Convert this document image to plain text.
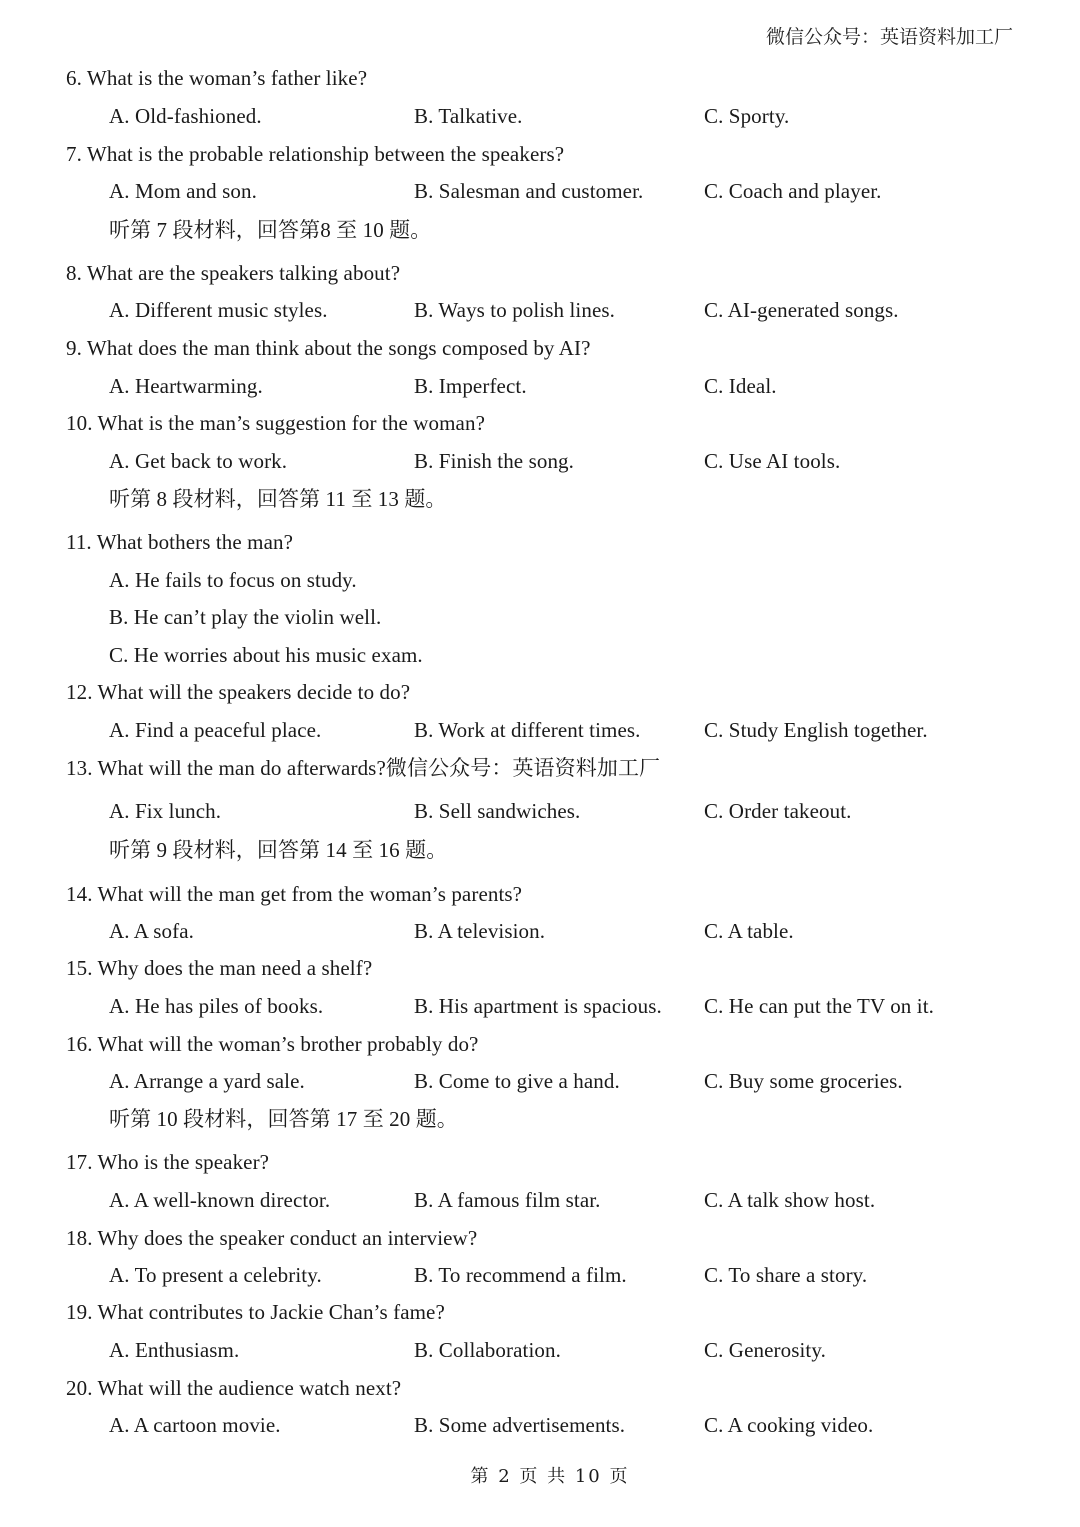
微信公众号：英语资料加工厂
6. What is the woman’s father like?
A. Old-fashioned.	B. Talkative.	C. Sporty.
7. What is the probable relationship between the speakers?
A. Mom and son.	B. Salesman and customer.	C. Coach and player.
听第 7 段材料，回答第8 至 10 题。
8. What are the speakers talking about?
A. Different music styles.	B. Ways to polish lines.	C. AI-generated songs.
9. What does the man think about the songs composed by AI?
A. Heartwarming.	B. Imperfect.	C. Ideal.
10. What is the man’s suggestion for the woman?
A. Get back to work.	B. Finish the song.	C. Use AI tools.
听第 8 段材料，回答第 11 至 13 题。
11. What bothers the man?
A. He fails to focus on study.
B. He can’t play the violin well.
C. He worries about his music exam.
12. What will the speakers decide to do?
A. Find a peaceful place.	B. Work at different times.	C. Study English together.
13. What will the man do afterwards?微信公众号：英语资料加工厂
A. Fix lunch.	B. Sell sandwiches.	C. Order takeout.
听第 9 段材料，回答第 14 至 16 题。
14. What will the man get from the woman’s parents?
A. A sofa.	B. A television.	C. A table.
15. Why does the man need a shelf?
A. He has piles of books.	B. His apartment is spacious. C. He can put the TV on it.
16. What will the woman’s brother probably do?
A. Arrange a yard sale.	B. Come to give a hand.	C. Buy some groceries.
听第 10 段材料，回答第 17 至 20 题。
17. Who is the speaker?
A. A well-known director.	B. A famous film star.	C. A talk show host.
18. Why does the speaker conduct an interview?
A. To present a celebrity.	B. To recommend a film.	C. To share a story.
19. What contributes to Jackie Chan’s fame?
A. Enthusiasm.	B. Collaboration.	C. Generosity.
20. What will the audience watch next?
A. A cartoon movie.	B. Some advertisements.	C. A cooking video.
第 2 页 共 10 页
